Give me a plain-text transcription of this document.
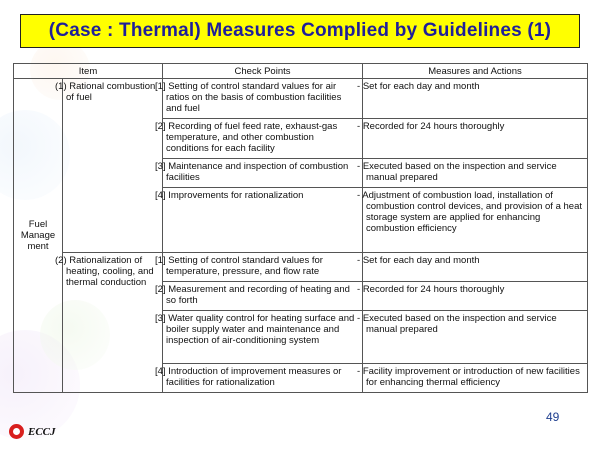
(Case : Thermal) Measures Complied by Guidelines (1)
Item		Check Points	Measures and Actions
Fuel
Manage
ment	(1) Rational combustion of fuel	[1] Setting of control standard values for air ratios on the basis of combustion facilities and fuel	- Set for each day and month
		[2] Recording of fuel feed rate, exhaust-gas temperature, and other combustion conditions for each facility	- Recorded for 24 hours thoroughly
		[3] Maintenance and inspection of combustion facilities	- Executed based on the inspection and service manual prepared
		[4] Improvements for rationalization	- Adjustment of combustion load, installation of combustion control devices, and provision of a heat storage system are applied for enhancing combustion efficiency
	(2) Rationalization of heating, cooling, and thermal conduction	[1] Setting of control standard values for temperature, pressure, and flow rate	- Set for each day and month
		[2] Measurement and recording of heating and so forth	- Recorded for 24 hours thoroughly
		[3] Water quality control for heating surface and boiler supply water and maintenance and inspection of air-conditioning system	- Executed based on the inspection and service manual prepared
		[4] Introduction of improvement measures or facilities for rationalization	- Facility improvement or introduction of new facilities for enhancing thermal efficiency
49
ECCJ
